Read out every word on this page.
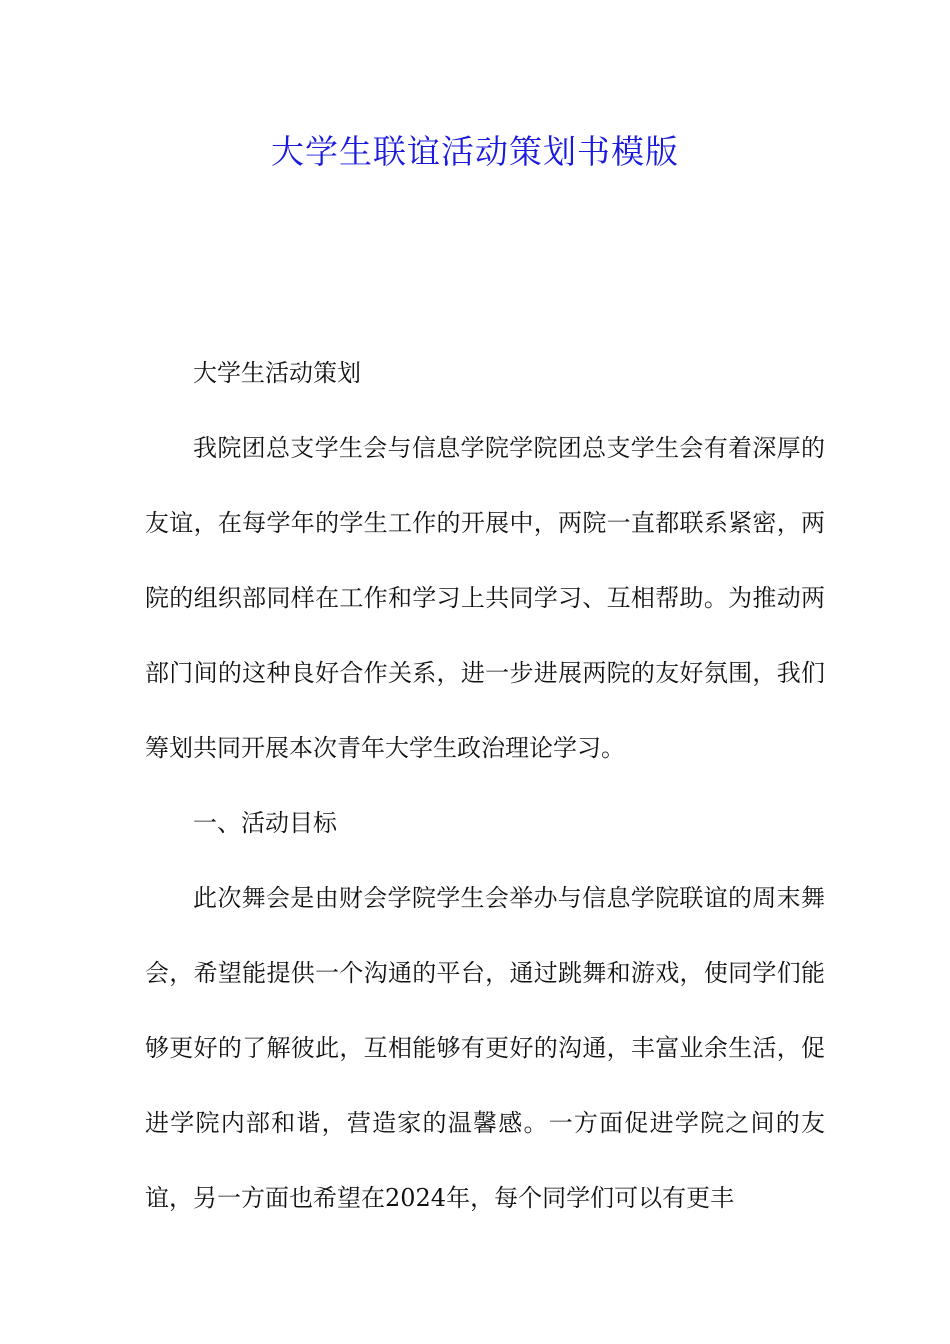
大学生联谊活动策划书模版

大学生活动策划

我院团总支学生会与信息学院学院团总支学生会有着深厚的友谊，在每学年的学生工作的开展中，两院一直都联系紧密，两院的组织部同样在工作和学习上共同学习、互相帮助。为推动两部门间的这种良好合作关系，进一步进展两院的友好氛围，我们筹划共同开展本次青年大学生政治理论学习。

一、活动目标

此次舞会是由财会学院学生会举办与信息学院联谊的周末舞会，希望能提供一个沟通的平台，通过跳舞和游戏，使同学们能够更好的了解彼此，互相能够有更好的沟通，丰富业余生活，促进学院内部和谐，营造家的温馨感。一方面促进学院之间的友谊，另一方面也希望在2024年，每个同学们可以有更丰
